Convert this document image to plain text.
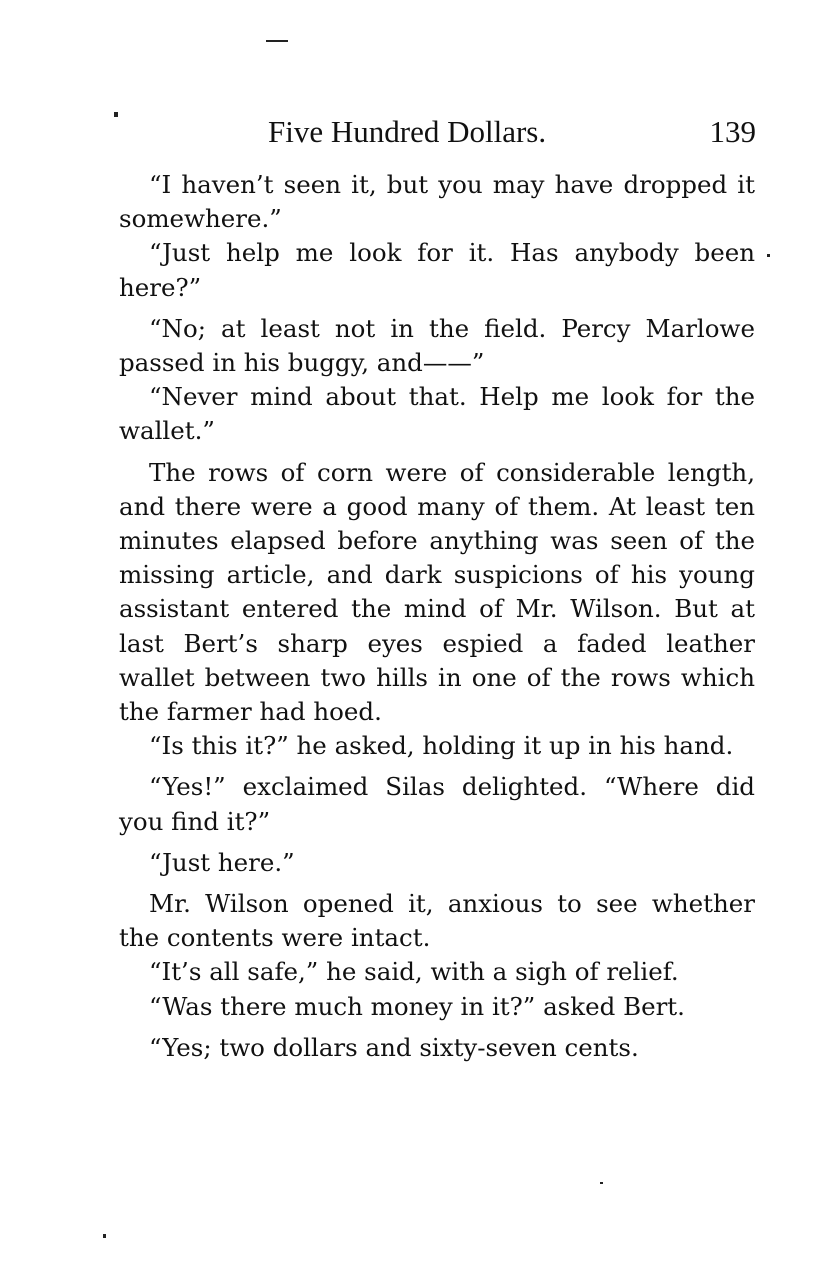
Five Hundred Dollars.	139

“I haven’t seen it, but you may have dropped it somewhere.”

“Just help me look for it. Has anybody been here?”

“No; at least not in the field. Percy Marlowe passed in his buggy, and——”

“Never mind about that. Help me look for the wallet.”

The rows of corn were of considerable length, and there were a good many of them. At least ten minutes elapsed before anything was seen of the missing article, and dark suspicions of his young assistant entered the mind of Mr. Wilson. But at last Bert’s sharp eyes espied a faded leather wallet between two hills in one of the rows which the farmer had hoed.

“Is this it?” he asked, holding it up in his hand.

“Yes!” exclaimed Silas delighted. “Where did you find it?”

“Just here.”

Mr. Wilson opened it, anxious to see whether the contents were intact.

“It’s all safe,” he said, with a sigh of relief.

“Was there much money in it?” asked Bert.

“Yes; two dollars and sixty-seven cents.
